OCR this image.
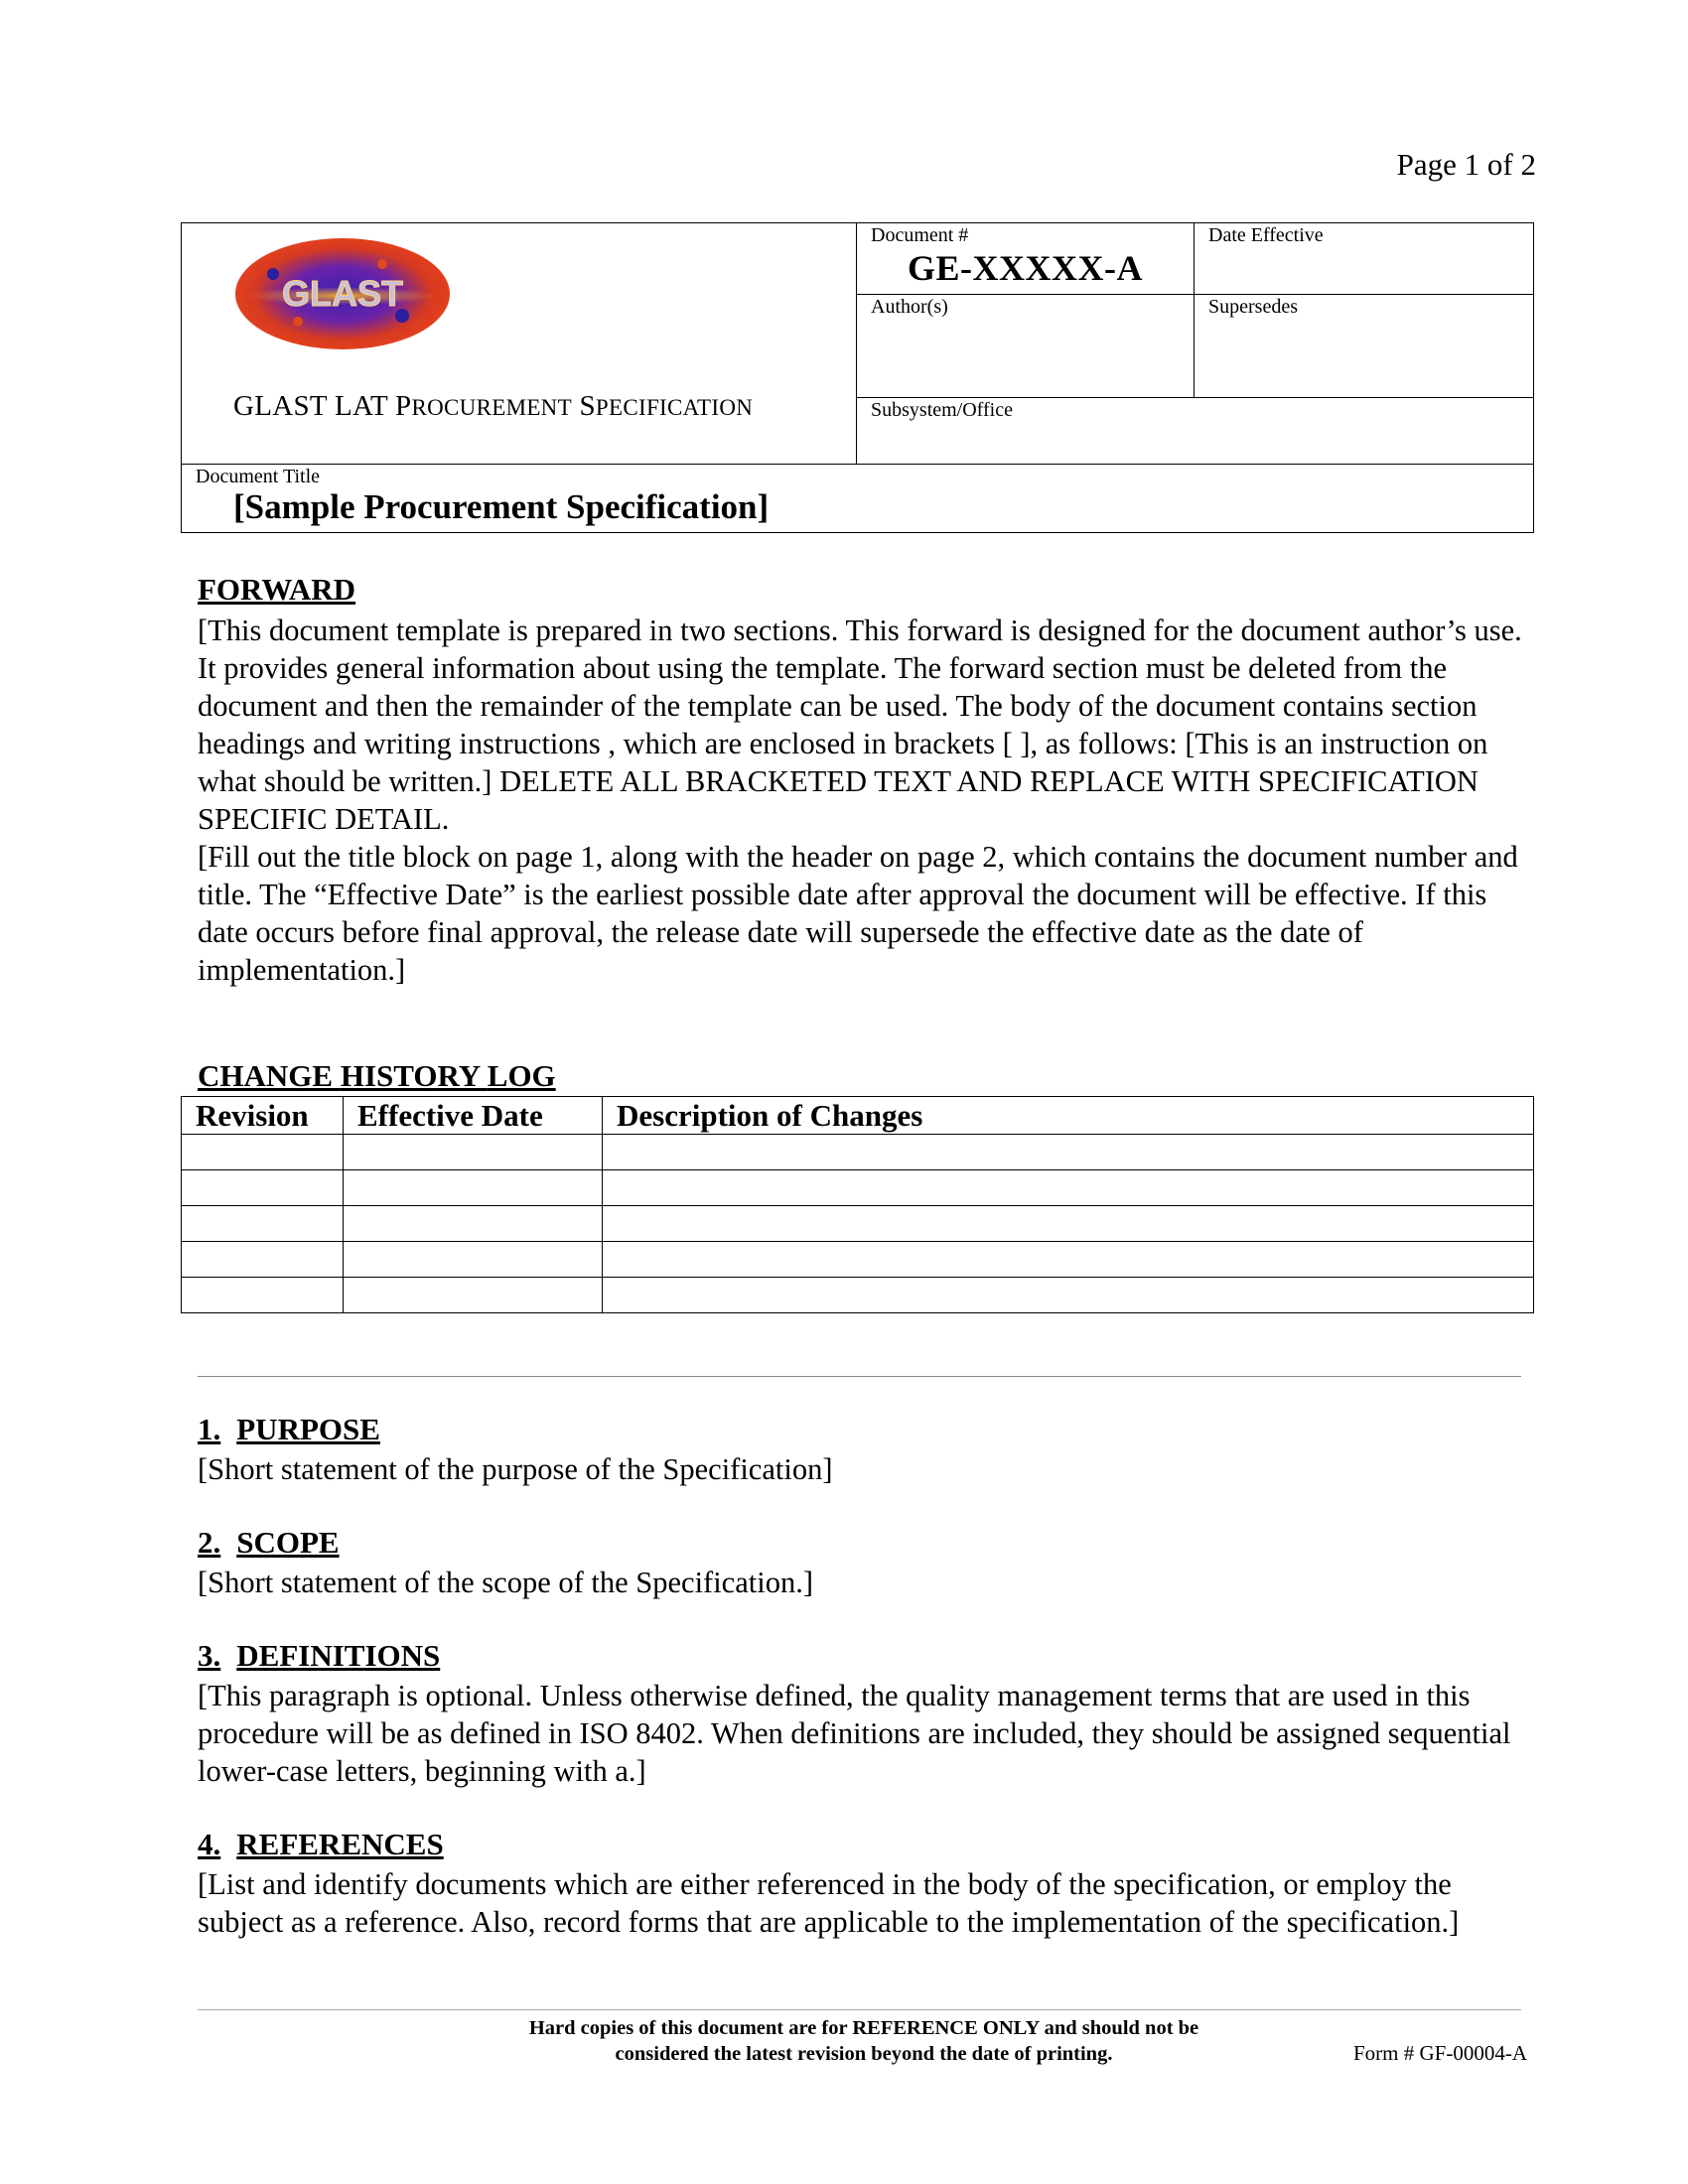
Page 1 of 2
GLAST
GLAST LAT PROCUREMENT SPECIFICATION
Document #
GE-XXXXX-A
Date Effective
Author(s)	Supersedes
Subsystem/Office
Document Title
[Sample Procurement Specification]
FORWARD

[This document template is prepared in two sections. This forward is designed for the document author’s use. It provides general information about using the template. The forward section must be deleted from the document and then the remainder of the template can be used. The body of the document contains section headings and writing instructions , which are enclosed in brackets [ ], as follows: [This is an instruction on what should be written.] DELETE ALL BRACKETED TEXT AND REPLACE WITH SPECIFICATION SPECIFIC DETAIL.

[Fill out the title block on page 1, along with the header on page 2, which contains the document number and title. The “Effective Date” is the earliest possible date after approval the document will be effective. If this date occurs before final approval, the release date will supersede the effective date as the date of implementation.]

CHANGE HISTORY LOG
Revision	Effective Date	Description of Changes

1. PURPOSE
[Short statement of the purpose of the Specification]
2. SCOPE
[Short statement of the scope of the Specification.]
3. DEFINITIONS
[This paragraph is optional. Unless otherwise defined, the quality management terms that are used in this procedure will be as defined in ISO 8402. When definitions are included, they should be assigned sequential lower-case letters, beginning with a.]
4. REFERENCES
[List and identify documents which are either referenced in the body of the specification, or employ the subject as a reference. Also, record forms that are applicable to the implementation of the specification.]
Hard copies of this document are for REFERENCE ONLY and should not be
considered the latest revision beyond the date of printing.	Form # GF-00004-A
